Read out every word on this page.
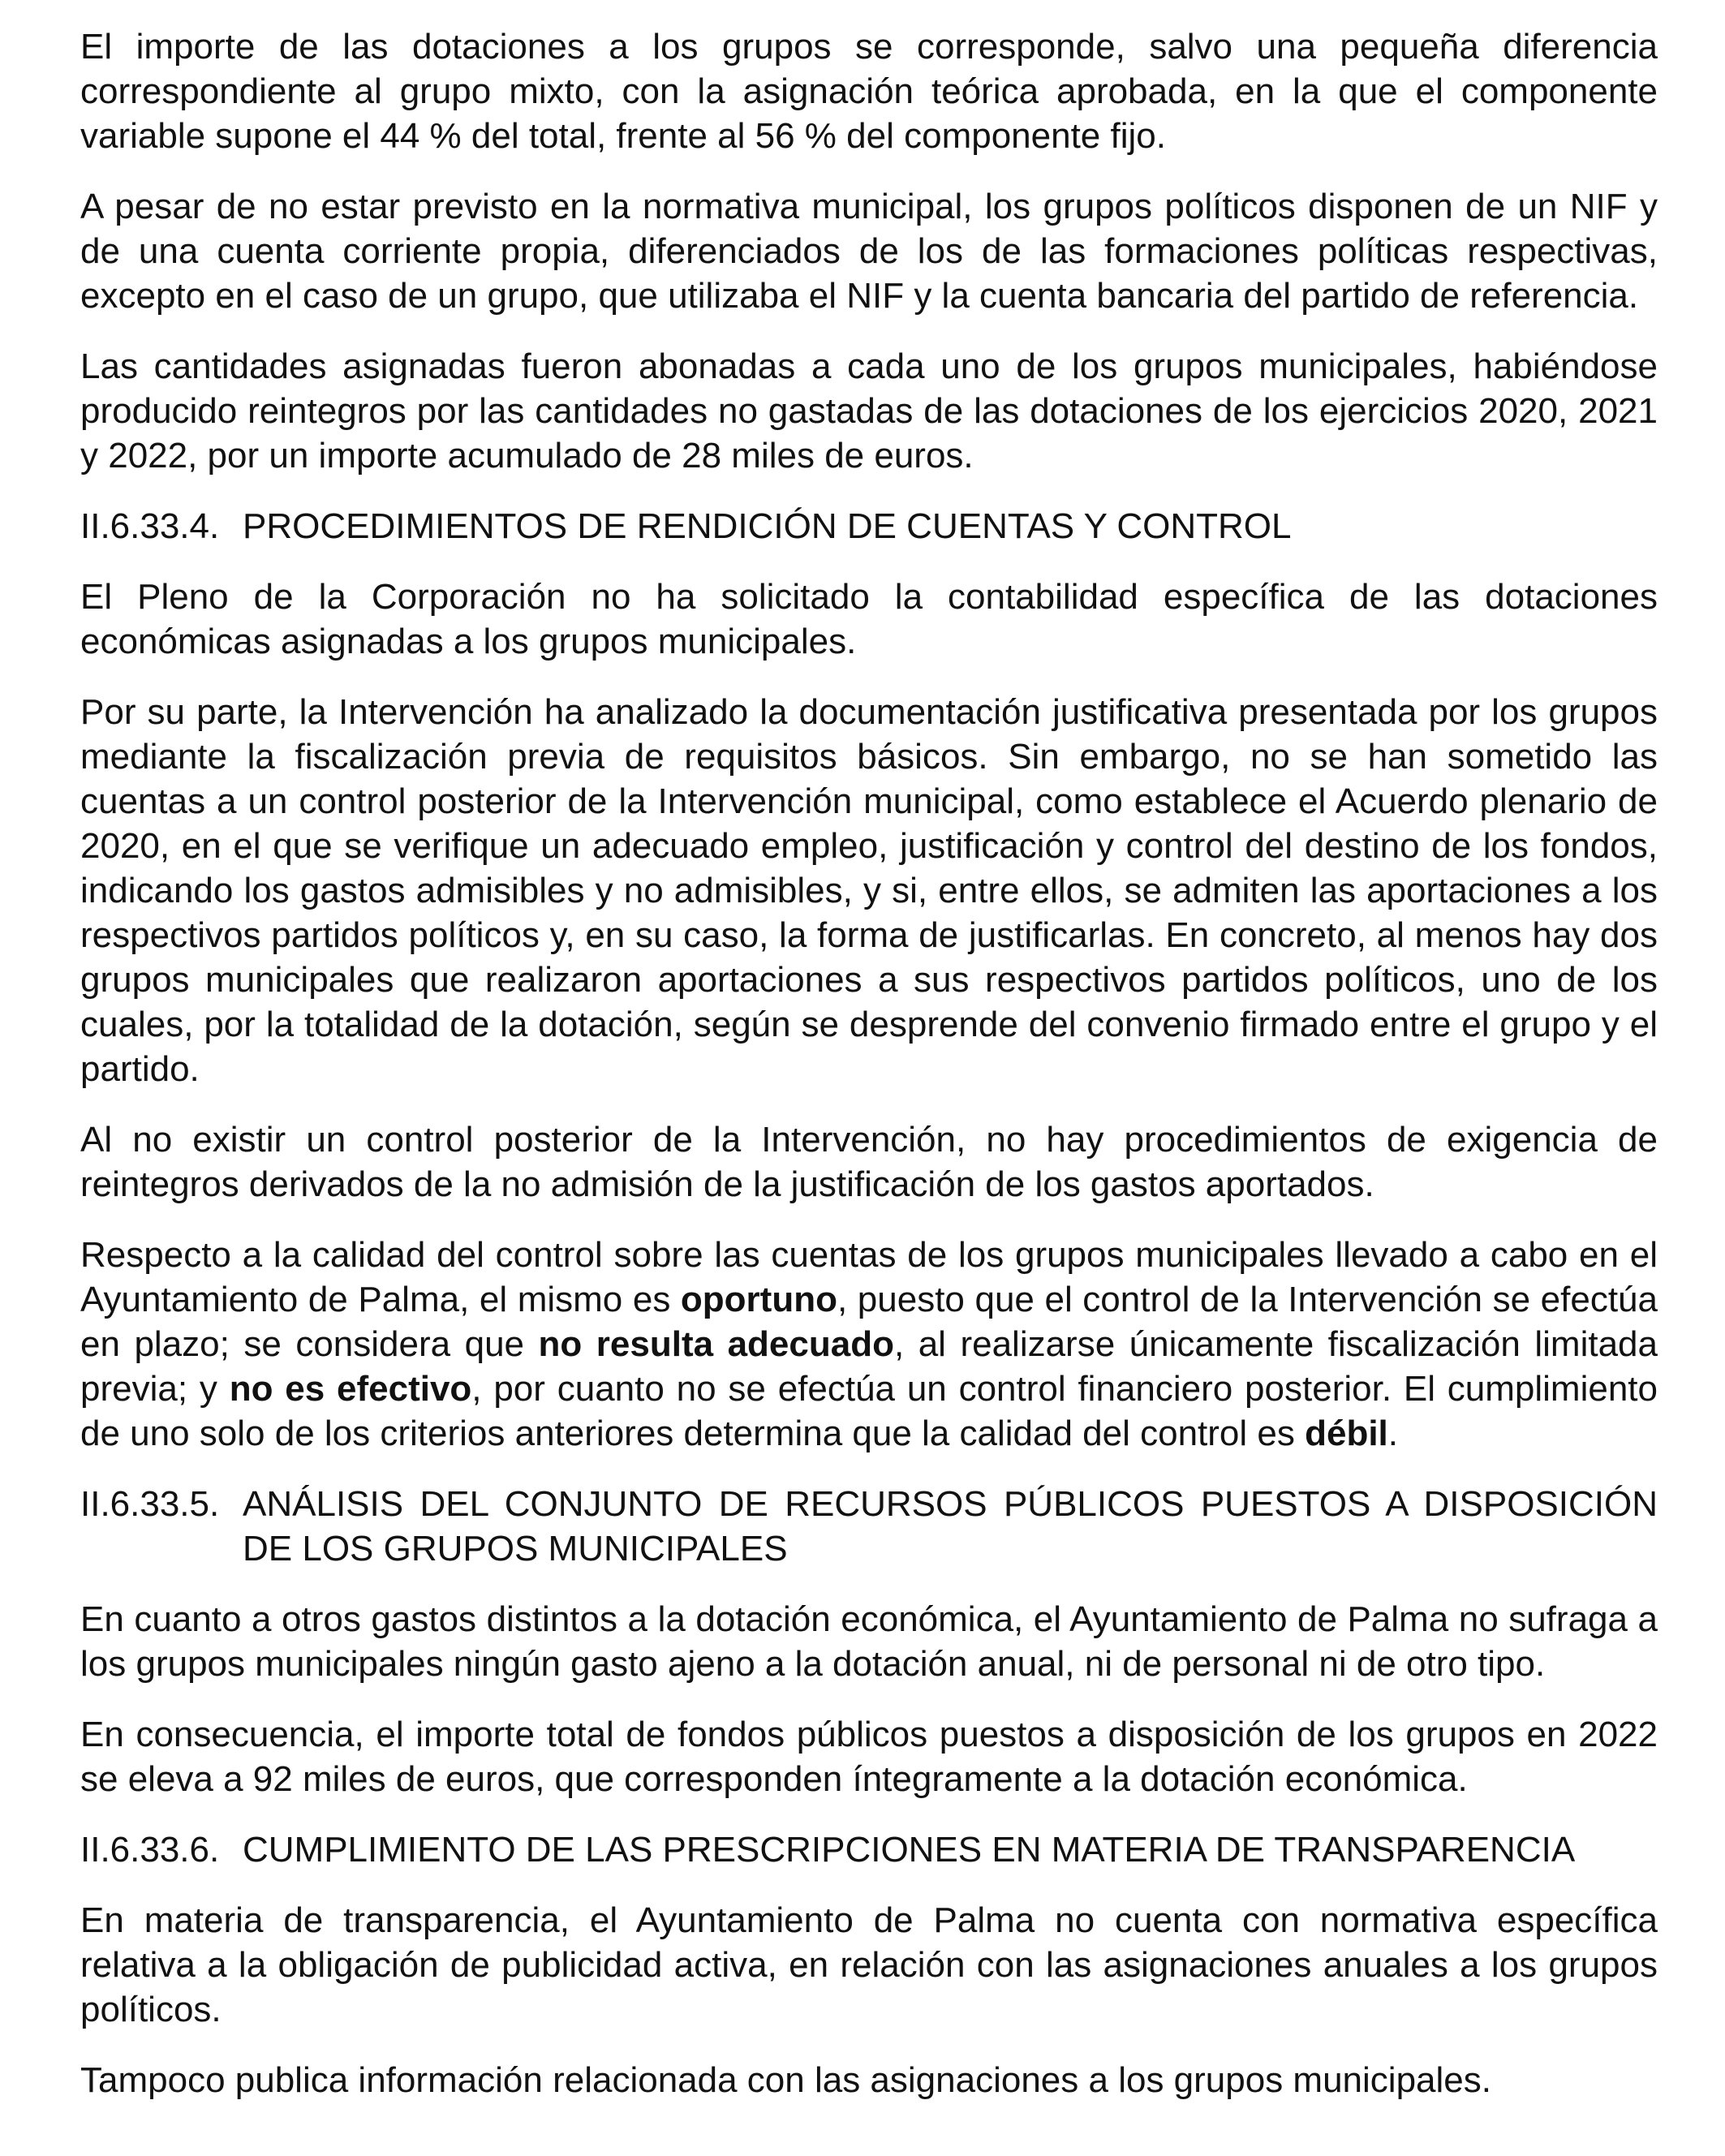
El importe de las dotaciones a los grupos se corresponde, salvo una pequeña diferencia correspondiente al grupo mixto, con la asignación teórica aprobada, en la que el componente variable supone el 44 % del total, frente al 56 % del componente fijo.

A pesar de no estar previsto en la normativa municipal, los grupos políticos disponen de un NIF y de una cuenta corriente propia, diferenciados de los de las formaciones políticas respectivas, excepto en el caso de un grupo, que utilizaba el NIF y la cuenta bancaria del partido de referencia.

Las cantidades asignadas fueron abonadas a cada uno de los grupos municipales, habiéndose producido reintegros por las cantidades no gastadas de las dotaciones de los ejercicios 2020, 2021 y 2022, por un importe acumulado de 28 miles de euros.

II.6.33.4. PROCEDIMIENTOS DE RENDICIÓN DE CUENTAS Y CONTROL

El Pleno de la Corporación no ha solicitado la contabilidad específica de las dotaciones económicas asignadas a los grupos municipales.

Por su parte, la Intervención ha analizado la documentación justificativa presentada por los grupos mediante la fiscalización previa de requisitos básicos. Sin embargo, no se han sometido las cuentas a un control posterior de la Intervención municipal, como establece el Acuerdo plenario de 2020, en el que se verifique un adecuado empleo, justificación y control del destino de los fondos, indicando los gastos admisibles y no admisibles, y si, entre ellos, se admiten las aportaciones a los respectivos partidos políticos y, en su caso, la forma de justificarlas. En concreto, al menos hay dos grupos municipales que realizaron aportaciones a sus respectivos partidos políticos, uno de los cuales, por la totalidad de la dotación, según se desprende del convenio firmado entre el grupo y el partido.

Al no existir un control posterior de la Intervención, no hay procedimientos de exigencia de reintegros derivados de la no admisión de la justificación de los gastos aportados.

Respecto a la calidad del control sobre las cuentas de los grupos municipales llevado a cabo en el Ayuntamiento de Palma, el mismo es oportuno, puesto que el control de la Intervención se efectúa en plazo; se considera que no resulta adecuado, al realizarse únicamente fiscalización limitada previa; y no es efectivo, por cuanto no se efectúa un control financiero posterior. El cumplimiento de uno solo de los criterios anteriores determina que la calidad del control es débil.

II.6.33.5. ANÁLISIS DEL CONJUNTO DE RECURSOS PÚBLICOS PUESTOS A DISPOSICIÓN DE LOS GRUPOS MUNICIPALES

En cuanto a otros gastos distintos a la dotación económica, el Ayuntamiento de Palma no sufraga a los grupos municipales ningún gasto ajeno a la dotación anual, ni de personal ni de otro tipo.

En consecuencia, el importe total de fondos públicos puestos a disposición de los grupos en 2022 se eleva a 92 miles de euros, que corresponden íntegramente a la dotación económica.

II.6.33.6. CUMPLIMIENTO DE LAS PRESCRIPCIONES EN MATERIA DE TRANSPARENCIA

En materia de transparencia, el Ayuntamiento de Palma no cuenta con normativa específica relativa a la obligación de publicidad activa, en relación con las asignaciones anuales a los grupos políticos.

Tampoco publica información relacionada con las asignaciones a los grupos municipales.
